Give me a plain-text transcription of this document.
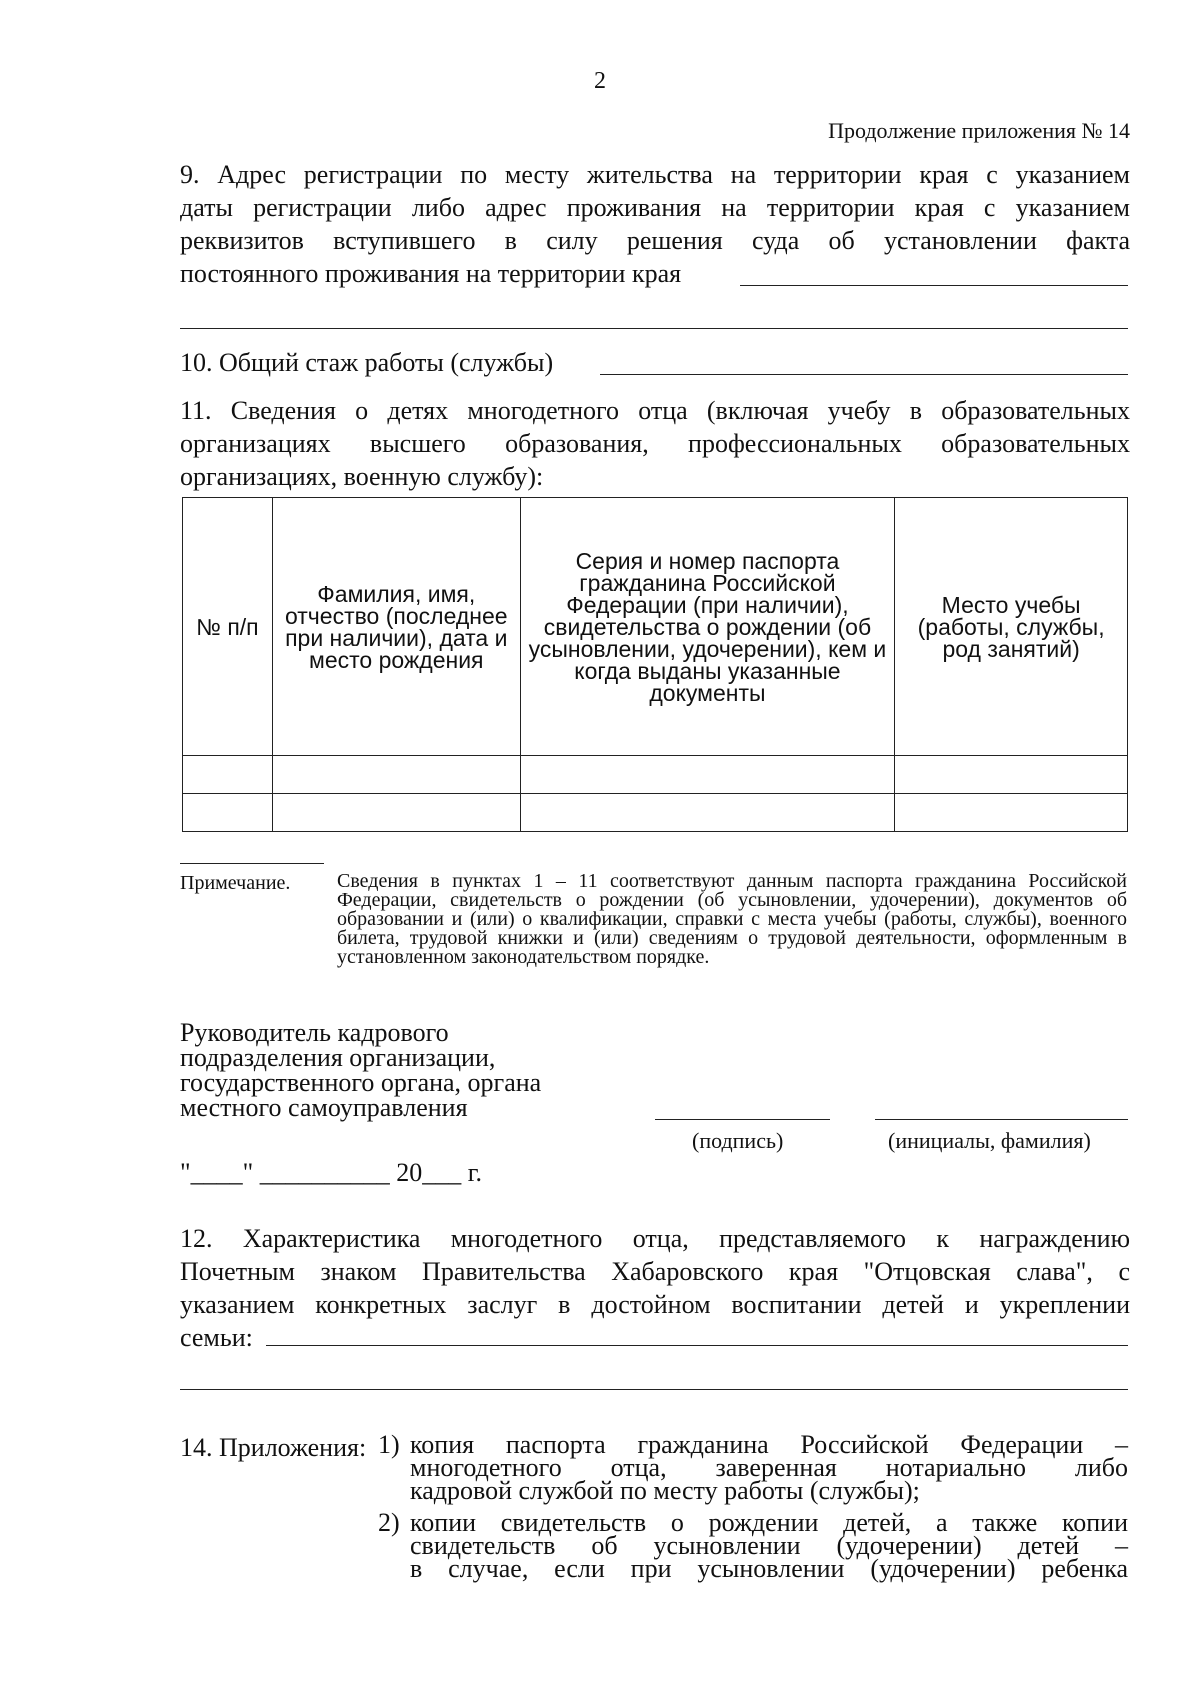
2
Продолжение приложения № 14
9. Адрес регистрации по месту жительства на территории края с указанием
даты регистрации либо адрес проживания на территории края с указанием
реквизитов вступившего в силу решения суда об установлении факта
постоянного проживания на территории края
10. Общий стаж работы (службы)
11. Сведения о детях многодетного отца (включая учебу в образовательных
организациях высшего образования, профессиональных образовательных
организациях, военную службу):
№ п/п	Фамилия, имя, отчество (последнее при наличии), дата и место рождения	Серия и номер паспорта гражданина Российской Федерации (при наличии), свидетельства о рождении (об усыновлении, удочерении), кем и когда выданы указанные документы	Место учебы (работы, службы, род занятий)

Примечание. Сведения в пунктах 1 – 11 соответствуют данным паспорта гражданина Российской Федерации, свидетельств о рождении (об усыновлении, удочерении), документов об образовании и (или) о квалификации, справки с места учебы (работы, службы), военного билета, трудовой книжки и (или) сведениям о трудовой деятельности, оформленным в установленном законодательством порядке.
Руководитель кадрового
подразделения организации,
государственного органа, органа
местного самоуправления
(подпись)	(инициалы, фамилия)
"____" __________ 20___ г.
12. Характеристика многодетного отца, представляемого к награждению
Почетным знаком Правительства Хабаровского края "Отцовская слава", с
указанием конкретных заслуг в достойном воспитании детей и укреплении
семьи:
14. Приложения: 1) копия паспорта гражданина Российской Федерации –
многодетного отца, заверенная нотариально либо
кадровой службой по месту работы (службы);
2) копии свидетельств о рождении детей, а также копии
свидетельств об усыновлении (удочерении) детей –
в случае, если при усыновлении (удочерении) ребенка
